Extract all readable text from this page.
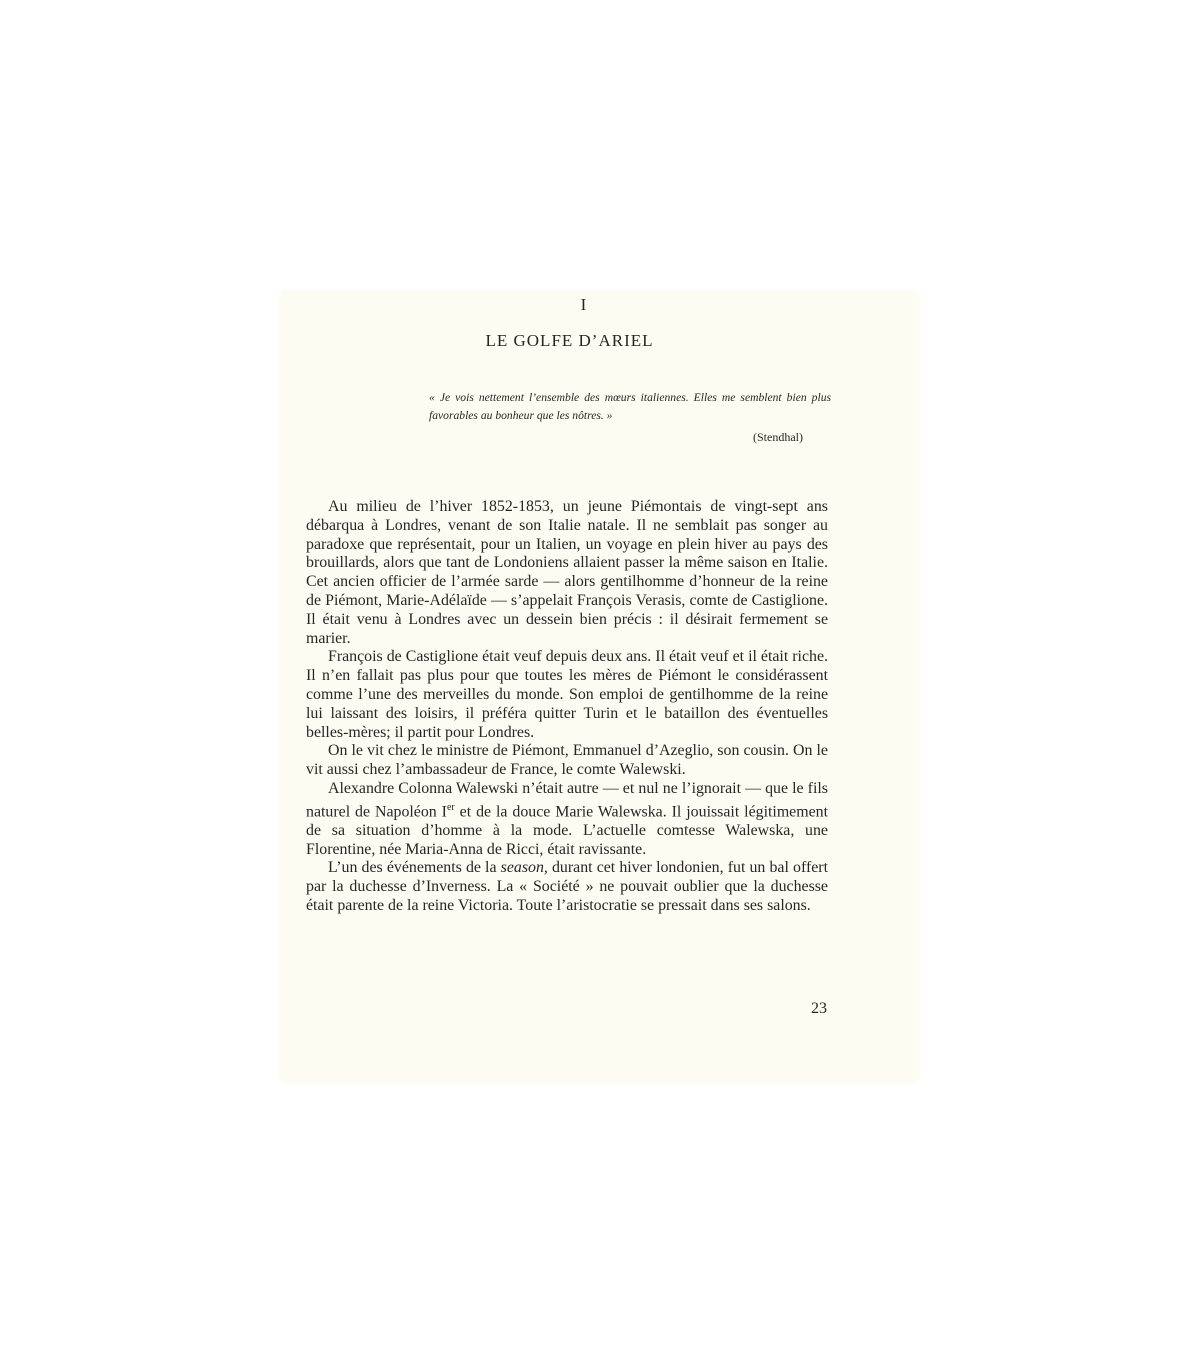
I
LE GOLFE D’ARIEL
« Je vois nettement l’ensemble des mœurs italiennes. Elles me semblent bien plus favorables au bonheur que les nôtres. »
(Stendhal)

Au milieu de l’hiver 1852-1853, un jeune Piémontais de vingt-sept ans débarqua à Londres, venant de son Italie natale. Il ne semblait pas songer au paradoxe que représentait, pour un Italien, un voyage en plein hiver au pays des brouillards, alors que tant de Londoniens allaient passer la même saison en Italie. Cet ancien officier de l’armée sarde — alors gentilhomme d’honneur de la reine de Piémont, Marie-Adélaïde — s’appelait François Verasis, comte de Castiglione. Il était venu à Londres avec un dessein bien précis : il désirait fermement se marier.

François de Castiglione était veuf depuis deux ans. Il était veuf et il était riche. Il n’en fallait pas plus pour que toutes les mères de Piémont le considérassent comme l’une des merveilles du monde. Son emploi de gentilhomme de la reine lui laissant des loisirs, il préféra quitter Turin et le bataillon des éventuelles belles-mères; il partit pour Londres.

On le vit chez le ministre de Piémont, Emmanuel d’Azeglio, son cousin. On le vit aussi chez l’ambassadeur de France, le comte Walewski.

Alexandre Colonna Walewski n’était autre — et nul ne l’ignorait — que le fils naturel de Napoléon Ier et de la douce Marie Walewska. Il jouissait légitimement de sa situation d’homme à la mode. L’actuelle comtesse Walewska, une Florentine, née Maria-Anna de Ricci, était ravissante.

L’un des événements de la season, durant cet hiver londonien, fut un bal offert par la duchesse d’Inverness. La « Société » ne pouvait oublier que la duchesse était parente de la reine Victoria. Toute l’aristocratie se pressait dans ses salons.

23
